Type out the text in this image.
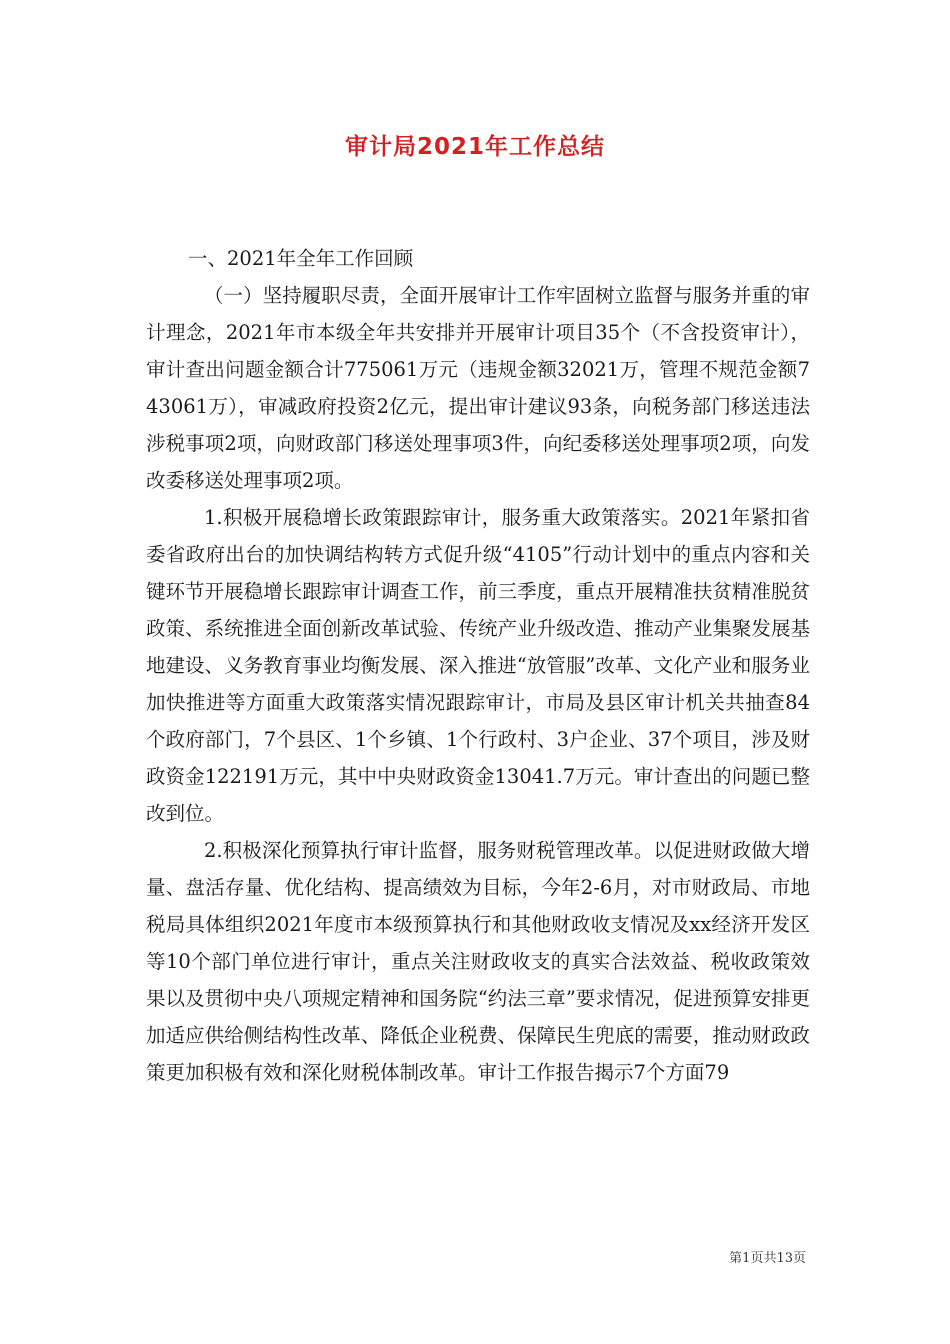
审计局2021年工作总结

一、2021年全年工作回顾

（一）坚持履职尽责，全面开展审计工作牢固树立监督与服务并重的审计理念，2021年市本级全年共安排并开展审计项目35个（不含投资审计），审计查出问题金额合计775061万元（违规金额32021万，管理不规范金额743061万），审减政府投资2亿元，提出审计建议93条，向税务部门移送违法涉税事项2项，向财政部门移送处理事项3件，向纪委移送处理事项2项，向发改委移送处理事项2项。

1.积极开展稳增长政策跟踪审计，服务重大政策落实。2021年紧扣省委省政府出台的加快调结构转方式促升级“4105”行动计划中的重点内容和关键环节开展稳增长跟踪审计调查工作，前三季度，重点开展精准扶贫精准脱贫政策、系统推进全面创新改革试验、传统产业升级改造、推动产业集聚发展基地建设、义务教育事业均衡发展、深入推进“放管服”改革、文化产业和服务业加快推进等方面重大政策落实情况跟踪审计，市局及县区审计机关共抽查84个政府部门，7个县区、1个乡镇、1个行政村、3户企业、37个项目，涉及财政资金122191万元，其中中央财政资金13041.7万元。审计查出的问题已整改到位。

2.积极深化预算执行审计监督，服务财税管理改革。以促进财政做大增量、盘活存量、优化结构、提高绩效为目标，今年2-6月，对市财政局、市地税局具体组织2021年度市本级预算执行和其他财政收支情况及xx经济开发区等10个部门单位进行审计，重点关注财政收支的真实合法效益、税收政策效果以及贯彻中央八项规定精神和国务院“约法三章”要求情况，促进预算安排更加适应供给侧结构性改革、降低企业税费、保障民生兜底的需要，推动财政政策更加积极有效和深化财税体制改革。审计工作报告揭示7个方面79

第1页共13页
